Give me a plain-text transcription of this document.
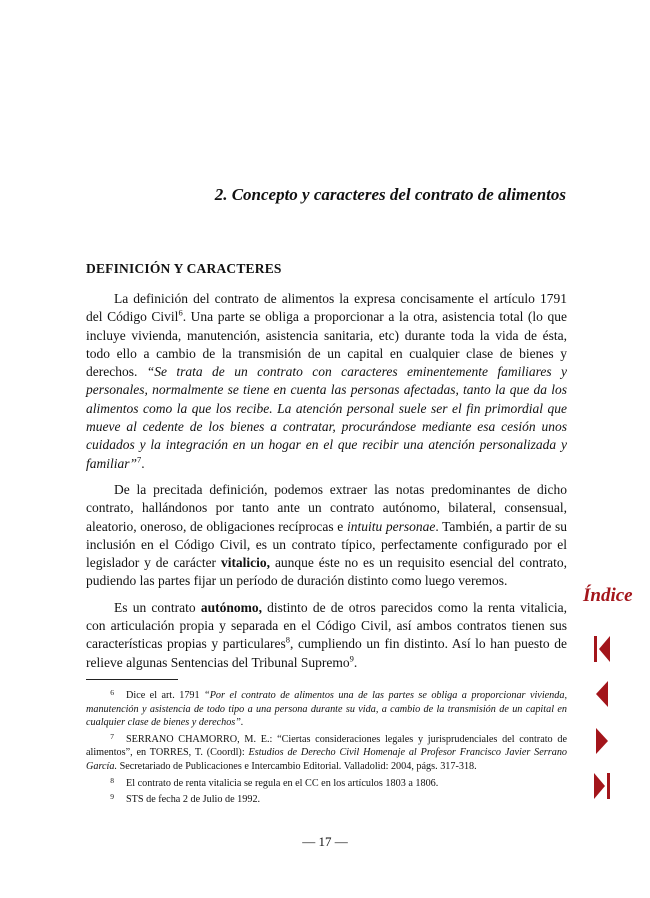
2. Concepto y caracteres del contrato de alimentos
DEFINICIÓN Y CARACTERES

La definición del contrato de alimentos la expresa concisamente el artículo 1791 del Código Civil$^6$. Una parte se obliga a proporcionar a la otra, asistencia total (lo que incluye vivienda, manutención, asistencia sanitaria, etc) durante toda la vida de ésta, todo ello a cambio de la transmisión de un capital en cualquier clase de bienes y derechos. “Se trata de un contrato con caracteres eminentemente familiares y personales, normalmente se tiene en cuenta las personas afectadas, tanto la que da los alimentos como la que los recibe. La atención personal suele ser el fin primordial que mueve al cedente de los bienes a contratar, procurándose mediante esa cesión unos cuidados y la integración en un hogar en el que recibir una atención personalizada y familiar”$^7$.

De la precitada definición, podemos extraer las notas predominantes de dicho contrato, hallándonos por tanto ante un contrato autónomo, bilateral, consensual, aleatorio, oneroso, de obligaciones recíprocas e intuitu personae. También, a partir de su inclusión en el Código Civil, es un contrato típico, perfectamente configurado por el legislador y de carácter vitalicio, aunque éste no es un requisito esencial del contrato, pudiendo las partes fijar un período de duración distinto como luego veremos.

Es un contrato autónomo, distinto de de otros parecidos como la renta vitalicia, con articulación propia y separada en el Código Civil, así ambos contratos tienen sus características propias y particulares$^8$, cumpliendo un fin distinto. Así lo han puesto de relieve algunas Sentencias del Tribunal Supremo$^9$.

6 Dice el art. 1791 “Por el contrato de alimentos una de las partes se obliga a proporcionar vivienda, manutención y asistencia de todo tipo a una persona durante su vida, a cambio de la transmisión de un capital en cualquier clase de bienes y derechos”.

7 SERRANO CHAMORRO, M. E.: “Ciertas consideraciones legales y jurisprudenciales del contrato de alimentos”, en TORRES, T. (Coordl): Estudios de Derecho Civil Homenaje al Profesor Francisco Javier Serrano García. Secretariado de Publicaciones e Intercambio Editorial. Valladolid: 2004, págs. 317-318.

8 El contrato de renta vitalicia se regula en el CC en los artículos 1803 a 1806.

9 STS de fecha 2 de Julio de 1992.

— 17 —

Índice
